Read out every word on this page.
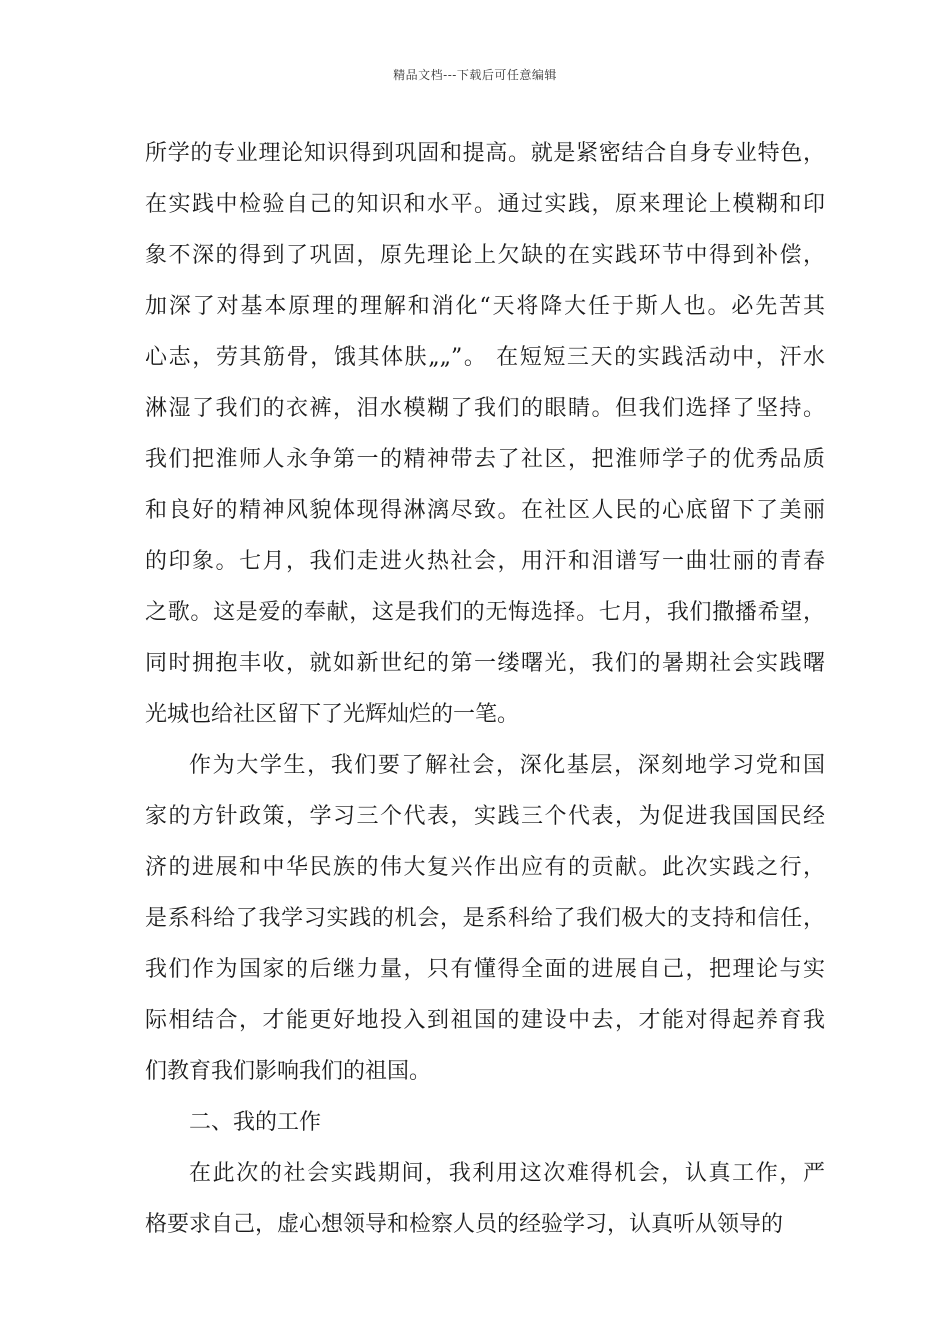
精品文档---下载后可任意编辑
所学的专业理论知识得到巩固和提高。就是紧密结合自身专业特色，
在实践中检验自己的知识和水平。通过实践，原来理论上模糊和印
象不深的得到了巩固，原先理论上欠缺的在实践环节中得到补偿，
加深了对基本原理的理解和消化“天将降大任于斯人也。必先苦其
心志，劳其筋骨，饿其体肤„„”。 在短短三天的实践活动中，汗水
淋湿了我们的衣裤，泪水模糊了我们的眼睛。但我们选择了坚持。
我们把淮师人永争第一的精神带去了社区，把淮师学子的优秀品质
和良好的精神风貌体现得淋漓尽致。在社区人民的心底留下了美丽
的印象。七月，我们走进火热社会，用汗和泪谱写一曲壮丽的青春
之歌。这是爱的奉献，这是我们的无悔选择。七月，我们撒播希望，
同时拥抱丰收，就如新世纪的第一缕曙光，我们的暑期社会实践曙
光城也给社区留下了光辉灿烂的一笔。
作为大学生，我们要了解社会，深化基层，深刻地学习党和国
家的方针政策，学习三个代表，实践三个代表，为促进我国国民经
济的进展和中华民族的伟大复兴作出应有的贡献。此次实践之行，
是系科给了我学习实践的机会，是系科给了我们极大的支持和信任，
我们作为国家的后继力量，只有懂得全面的进展自己，把理论与实
际相结合，才能更好地投入到祖国的建设中去，才能对得起养育我
们教育我们影响我们的祖国。
二、我的工作
在此次的社会实践期间，我利用这次难得机会，认真工作，严
格要求自己，虚心想领导和检察人员的经验学习，认真听从领导的
